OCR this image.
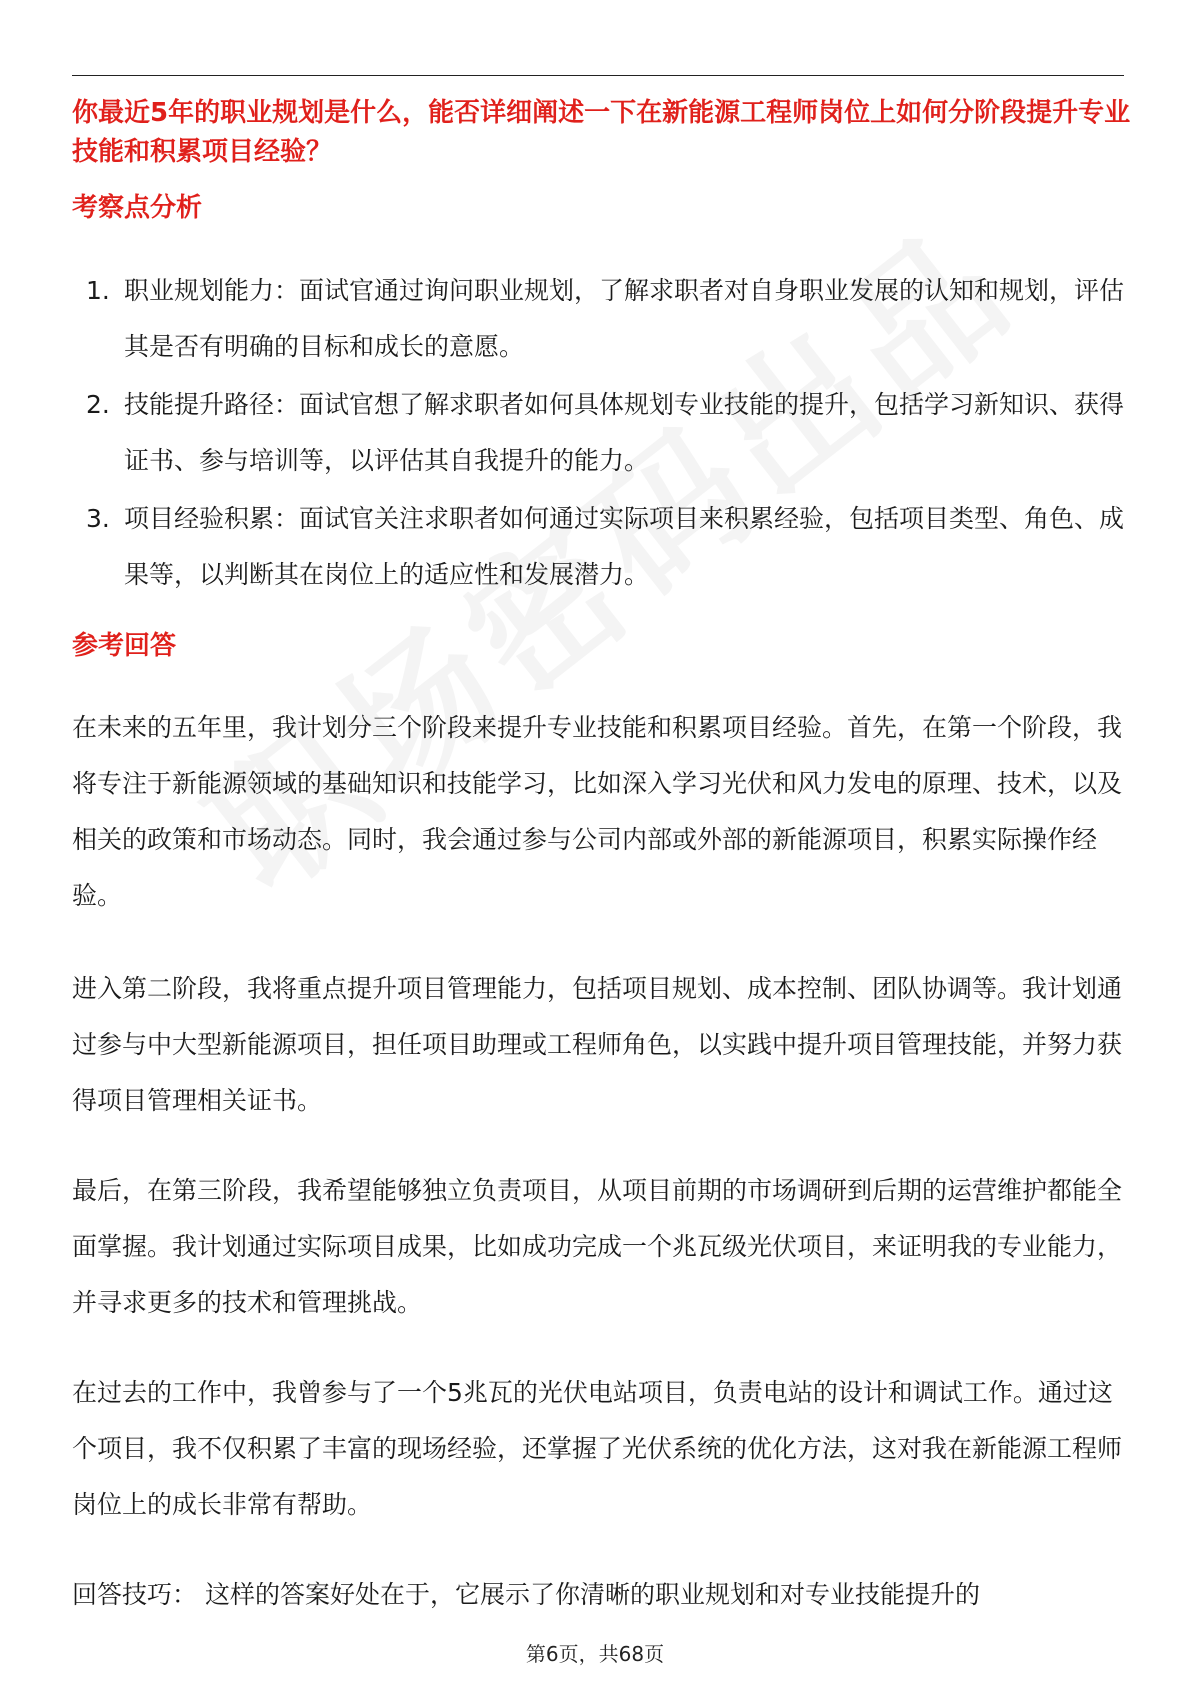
你最近5年的职业规划是什么，能否详细阐述一下在新能源工程师岗位上如何分阶段提升专业技能和积累项目经验？
考察点分析
1. 职业规划能力：面试官通过询问职业规划，了解求职者对自身职业发展的认知和规划，评估其是否有明确的目标和成长的意愿。
2. 技能提升路径：面试官想了解求职者如何具体规划专业技能的提升，包括学习新知识、获得证书、参与培训等，以评估其自我提升的能力。
3. 项目经验积累：面试官关注求职者如何通过实际项目来积累经验，包括项目类型、角色、成果等，以判断其在岗位上的适应性和发展潜力。
参考回答

在未来的五年里，我计划分三个阶段来提升专业技能和积累项目经验。首先，在第一个阶段，我将专注于新能源领域的基础知识和技能学习，比如深入学习光伏和风力发电的原理、技术，以及相关的政策和市场动态。同时，我会通过参与公司内部或外部的新能源项目，积累实际操作经验。

进入第二阶段，我将重点提升项目管理能力，包括项目规划、成本控制、团队协调等。我计划通过参与中大型新能源项目，担任项目助理或工程师角色，以实践中提升项目管理技能，并努力获得项目管理相关证书。

最后，在第三阶段，我希望能够独立负责项目，从项目前期的市场调研到后期的运营维护都能全面掌握。我计划通过实际项目成果，比如成功完成一个兆瓦级光伏项目，来证明我的专业能力，并寻求更多的技术和管理挑战。

在过去的工作中，我曾参与了一个5兆瓦的光伏电站项目，负责电站的设计和调试工作。通过这个项目，我不仅积累了丰富的现场经验，还掌握了光伏系统的优化方法，这对我在新能源工程师岗位上的成长非常有帮助。

回答技巧： 这样的答案好处在于，它展示了你清晰的职业规划和对专业技能提升的

第6页，共68页
